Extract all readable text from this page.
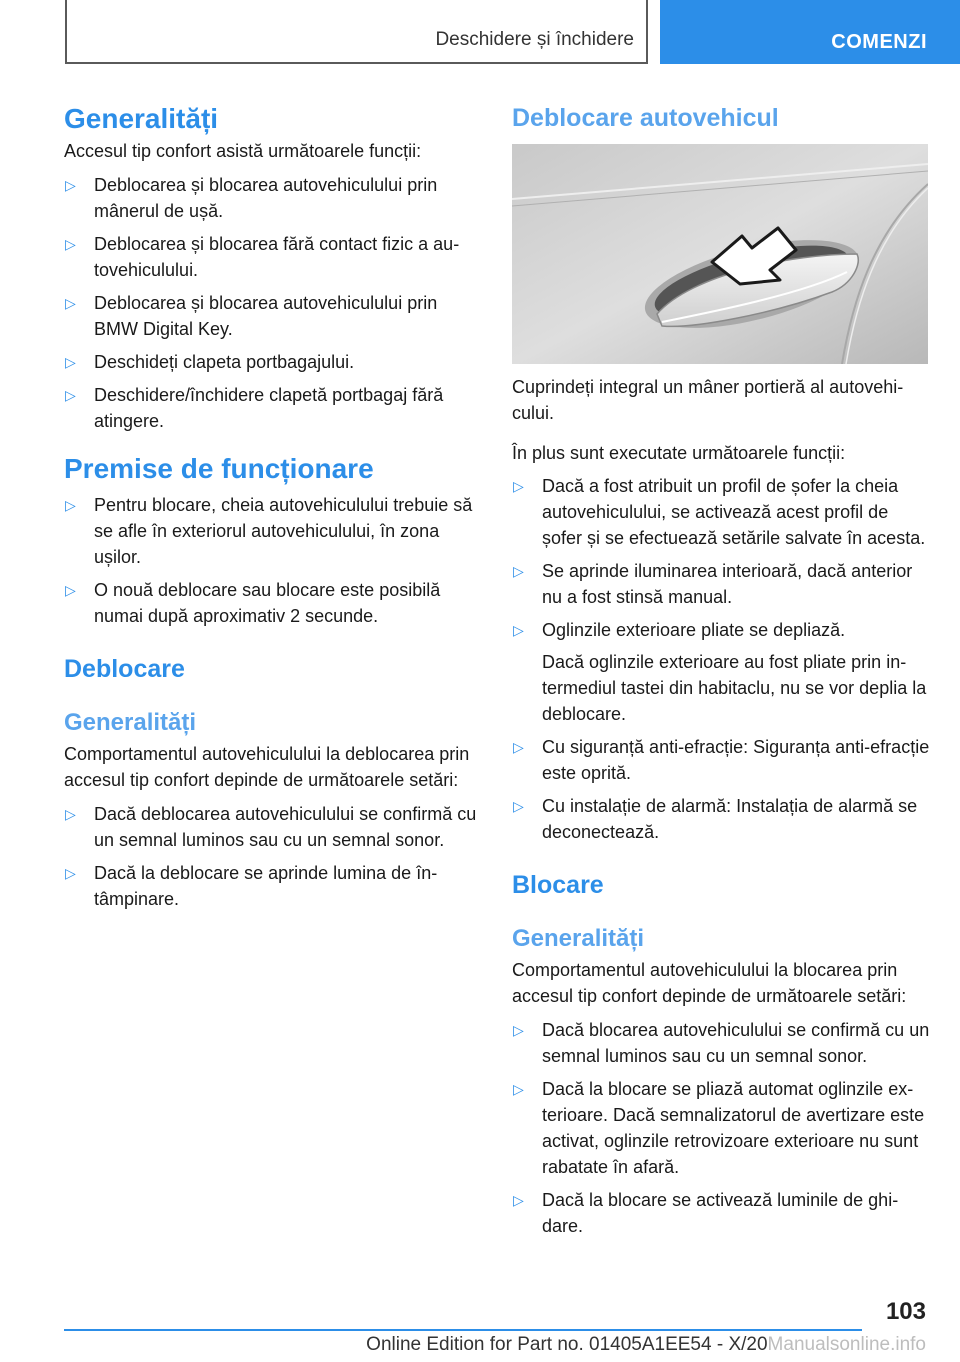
Deschidere și închidere	COMENZI
Generalități

Accesul tip confort asistă următoarele funcții:

▷ Deblocarea și blocarea autovehiculului prin mânerul de ușă.
▷ Deblocarea și blocarea fără contact fizic a autovehiculului.
▷ Deblocarea și blocarea autovehiculului prin BMW Digital Key.
▷ Deschideți clapeta portbagajului.
▷ Deschidere/închidere clapetă portbagaj fără atingere.
Premise de funcționare
▷ Pentru blocare, cheia autovehiculului trebuie să se afle în exteriorul autovehiculului, în zona ușilor.
▷ O nouă deblocare sau blocare este posibilă numai după aproximativ 2 secunde.
Deblocare
Generalități

Comportamentul autovehiculului la deblocarea prin accesul tip confort depinde de următoarele setări:

▷ Dacă deblocarea autovehiculului se confirmă cu un semnal luminos sau cu un semnal sonor.
▷ Dacă la deblocare se aprinde lumina de întâmpinare.
Deblocare autovehicul

Cuprindeți integral un mâner portieră al autovehicului.

În plus sunt executate următoarele funcții:

▷ Dacă a fost atribuit un profil de șofer la cheia autovehiculului, se activează acest profil de șofer și se efectuează setările salvate în acesta.
▷ Se aprinde iluminarea interioară, dacă anterior nu a fost stinsă manual.
▷ Oglinzile exterioare pliate se depliază.
Dacă oglinzile exterioare au fost pliate prin intermediul tastei din habitaclu, nu se vor deplia la deblocare.
▷ Cu siguranță anti-efracție: Siguranța anti-efracție este oprită.
▷ Cu instalație de alarmă: Instalația de alarmă se deconectează.
Blocare
Generalități

Comportamentul autovehiculului la blocarea prin accesul tip confort depinde de următoarele setări:

▷ Dacă blocarea autovehiculului se confirmă cu un semnal luminos sau cu un semnal sonor.
▷ Dacă la blocare se pliază automat oglinzile exterioare. Dacă semnalizatorul de avertizare este activat, oglinzile retrovizoare exterioare nu sunt rabatate în afară.
▷ Dacă la blocare se activează luminile de ghidare.
103
Online Edition for Part no. 01405A1EE54 - X/20Manualsonline.info
